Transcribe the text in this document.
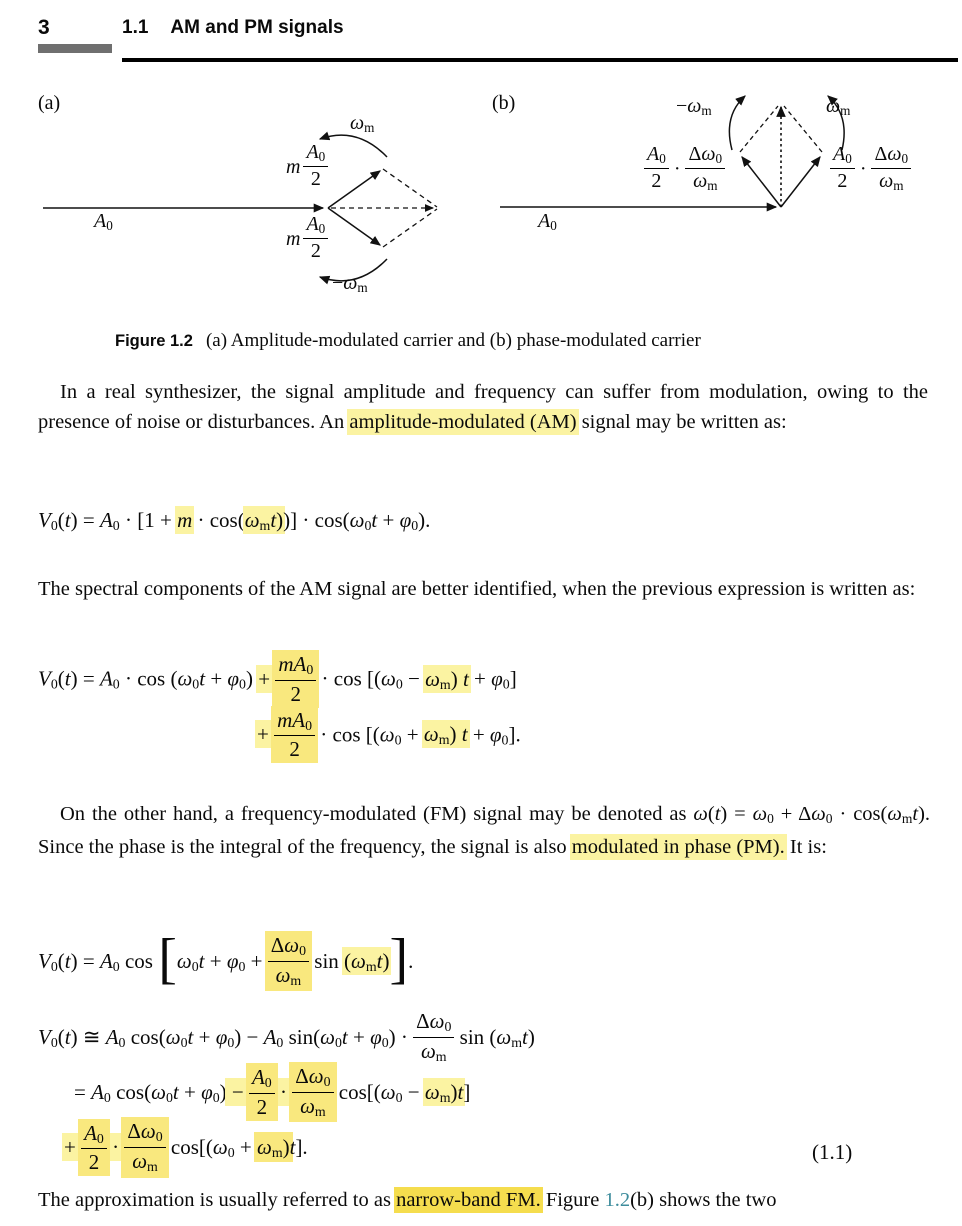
3	1.1 AM and PM signals
(a)
ωm
m $\frac{A0}{2}$
A0
m $\frac{A0}{2}$
−ωm
(b)	−ωm	ωm
$\frac{A0}{2} \cdot \frac{\Delta\omega 0}{\omega m}$	$\frac{A0}{2} \cdot \frac{\Delta\omega 0}{\omega m}$
A0
Figure 1.2 (a) Amplitude-modulated carrier and (b) phase-modulated carrier
In a real synthesizer, the signal amplitude and frequency can suffer from modulation, owing to the presence of noise or disturbances. An amplitude-modulated (AM) signal may be written as:
V0(t) = A0 · [1 + m · cos(ωmt))] · cos(ω0t + φ0).
The spectral components of the AM signal are better identified, when the previous expression is written as:
$V0(t) = A0 \cdot \cos (\omega 0t + \varphi 0) + \frac{mA0}{2} \cdot \cos [(\omega 0 - \omega m) t + \varphi 0]$
+ $\frac{mA0}{2} \cdot \cos [(\omega 0 + \omega m) t + \varphi 0]$.
On the other hand, a frequency-modulated (FM) signal may be denoted as ω(t) = ω0 + Δω0 · cos(ωmt). Since the phase is the integral of the frequency, the signal is also modulated in phase (PM). It is:
V0(t) = A0 $\cos [\omega 0t + \varphi 0 + \frac{\Delta\omega 0}{\omega m}$ sin (ωmt)].
V0(t) ≅ A0 cos(ω0t + φ0) − A0 $\sin(\omega 0t + \varphi 0) \cdot \frac{\Delta\omega 0}{\omega m}$ sin (ωmt)
= A0 $\cos(\omega 0t + \varphi 0) - \frac{A0}{2} \cdot \frac{\Delta\omega 0}{\omega m} \cos[(\omega 0 - \omega m)t]$
+ $\frac{A0}{2} \cdot \frac{\Delta\omega 0}{\omega m} \cos[(\omega 0 + \omega m)t]$.	(1.1)
The approximation is usually referred to as narrow-band FM. Figure 1.2(b) shows the two
